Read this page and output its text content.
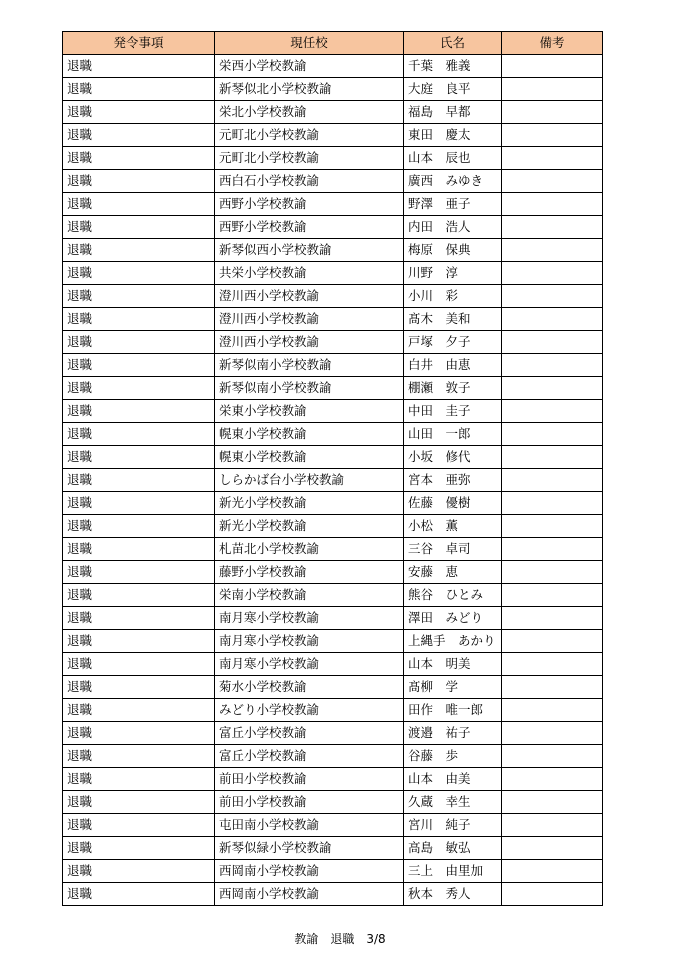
発令事項	現任校	氏名	備考
退職	栄西小学校教諭	千葉　雅義	
退職	新琴似北小学校教諭	大庭　良平	
退職	栄北小学校教諭	福島　早都	
退職	元町北小学校教諭	東田　慶太	
退職	元町北小学校教諭	山本　辰也	
退職	西白石小学校教諭	廣西　みゆき	
退職	西野小学校教諭	野澤　亜子	
退職	西野小学校教諭	内田　浩人	
退職	新琴似西小学校教諭	梅原　保典	
退職	共栄小学校教諭	川野　淳	
退職	澄川西小学校教諭	小川　彩	
退職	澄川西小学校教諭	髙木　美和	
退職	澄川西小学校教諭	戸塚　夕子	
退職	新琴似南小学校教諭	白井　由恵	
退職	新琴似南小学校教諭	棚瀬　敦子	
退職	栄東小学校教諭	中田　圭子	
退職	幌東小学校教諭	山田　一郎	
退職	幌東小学校教諭	小坂　修代	
退職	しらかば台小学校教諭	宮本　亜弥	
退職	新光小学校教諭	佐藤　優樹	
退職	新光小学校教諭	小松　薫	
退職	札苗北小学校教諭	三谷　卓司	
退職	藤野小学校教諭	安藤　恵	
退職	栄南小学校教諭	熊谷　ひとみ	
退職	南月寒小学校教諭	澤田　みどり	
退職	南月寒小学校教諭	上縄手　あかり	
退職	南月寒小学校教諭	山本　明美	
退職	菊水小学校教諭	髙柳　学	
退職	みどり小学校教諭	田作　唯一郎	
退職	富丘小学校教諭	渡邉　祐子	
退職	富丘小学校教諭	谷藤　歩	
退職	前田小学校教諭	山本　由美	
退職	前田小学校教諭	久蔵　幸生	
退職	屯田南小学校教諭	宮川　純子	
退職	新琴似緑小学校教諭	高島　敏弘	
退職	西岡南小学校教諭	三上　由里加	
退職	西岡南小学校教諭	秋本　秀人	
教諭　退職　3/8
